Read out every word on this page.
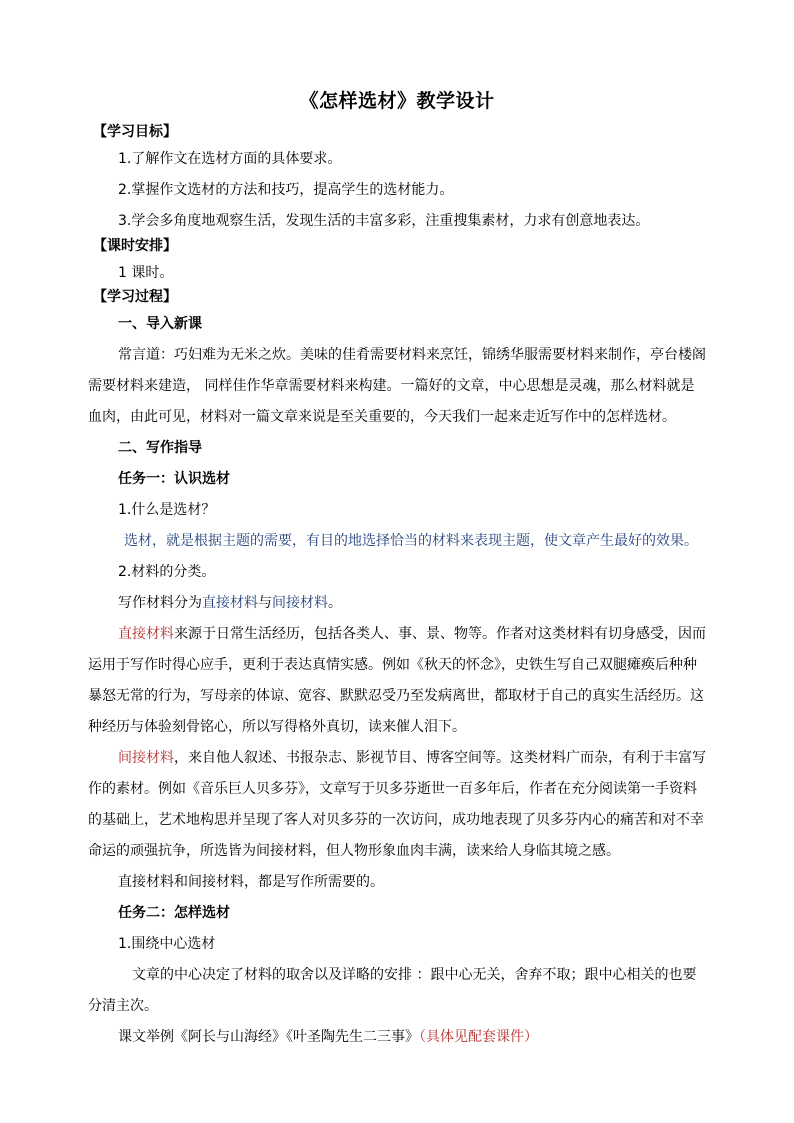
《怎样选材》教学设计
【学习目标】
1.了解作文在选材方面的具体要求。
2.掌握作文选材的方法和技巧，提高学生的选材能力。
3.学会多角度地观察生活，发现生活的丰富多彩，注重搜集素材，力求有创意地表达。
【课时安排】
1 课时。
【学习过程】
一、导入新课
常言道：巧妇难为无米之炊。美味的佳肴需要材料来烹饪，锦绣华服需要材料来制作，亭台楼阁
需要材料来建造， 同样佳作华章需要材料来构建。一篇好的文章，中心思想是灵魂，那么材料就是
血肉，由此可见，材料对一篇文章来说是至关重要的，今天我们一起来走近写作中的怎样选材。
二、写作指导
任务一：认识选材
1.什么是选材？
选材，就是根据主题的需要，有目的地选择恰当的材料来表现主题，使文章产生最好的效果。
2.材料的分类。
写作材料分为直接材料与间接材料。
直接材料来源于日常生活经历，包括各类人、事、景、物等。作者对这类材料有切身感受，因而
运用于写作时得心应手，更利于表达真情实感。例如《秋天的怀念》，史铁生写自己双腿瘫痪后种种
暴怒无常的行为，写母亲的体谅、宽容、默默忍受乃至发病离世，都取材于自己的真实生活经历。这
种经历与体验刻骨铭心，所以写得格外真切，读来催人泪下。
间接材料，来自他人叙述、书报杂志、影视节目、博客空间等。这类材料广而杂，有利于丰富写
作的素材。例如《音乐巨人贝多芬》，文章写于贝多芬逝世一百多年后，作者在充分阅读第一手资料
的基础上，艺术地构思并呈现了客人对贝多芬的一次访问，成功地表现了贝多芬内心的痛苦和对不幸
命运的顽强抗争，所选皆为间接材料，但人物形象血肉丰满，读来给人身临其境之感。
直接材料和间接材料，都是写作所需要的。
任务二：怎样选材
1.围绕中心选材
文章的中心决定了材料的取舍以及详略的安排 ：跟中心无关，舍弃不取；跟中心相关的也要
分清主次。
课文举例《阿长与山海经》《叶圣陶先生二三事》（具体见配套课件）
